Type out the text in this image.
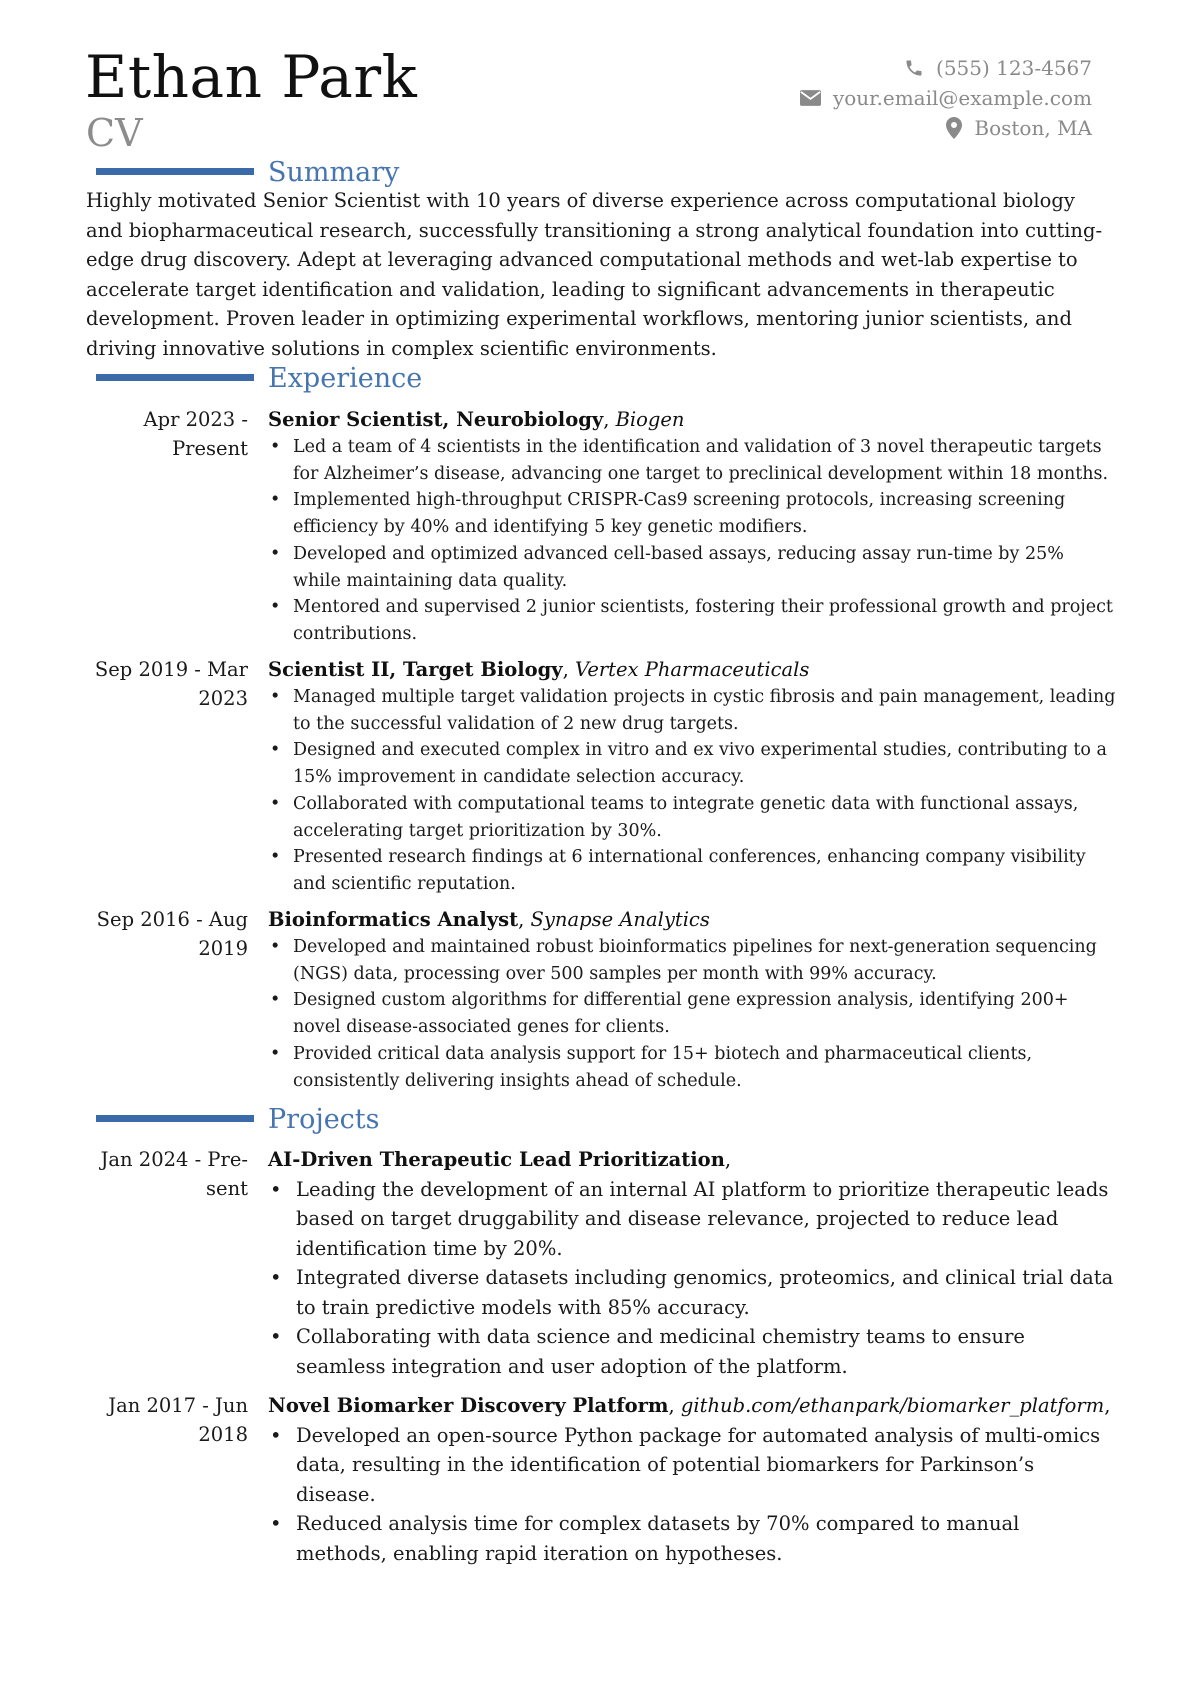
Ethan Park
CV
(555) 123-4567
your.email@example.com
Boston, MA
Summary

Highly motivated Senior Scientist with 10 years of diverse experience across computational biology and biopharmaceutical research, successfully transitioning a strong analytical foundation into cutting-edge drug discovery. Adept at leveraging advanced computational methods and wet-lab expertise to accelerate target identification and validation, leading to significant advancements in therapeutic development. Proven leader in optimizing experimental workflows, mentoring junior scientists, and driving innovative solutions in complex scientific environments.

Experience
Apr 2023 -
Present
Senior Scientist, Neurobiology, Biogen
• Led a team of 4 scientists in the identification and validation of 3 novel therapeutic targets for Alzheimer’s disease, advancing one target to preclinical development within 18 months.
• Implemented high-throughput CRISPR-Cas9 screening protocols, increasing screening efficiency by 40% and identifying 5 key genetic modifiers.
• Developed and optimized advanced cell-based assays, reducing assay run-time by 25% while maintaining data quality.
• Mentored and supervised 2 junior scientists, fostering their professional growth and project contributions.
Sep 2019 - Mar
2023
Scientist II, Target Biology, Vertex Pharmaceuticals
• Managed multiple target validation projects in cystic fibrosis and pain management, leading to the successful validation of 2 new drug targets.
• Designed and executed complex in vitro and ex vivo experimental studies, contributing to a 15% improvement in candidate selection accuracy.
• Collaborated with computational teams to integrate genetic data with functional assays, accelerating target prioritization by 30%.
• Presented research findings at 6 international conferences, enhancing company visibility and scientific reputation.
Sep 2016 - Aug
2019
Bioinformatics Analyst, Synapse Analytics
• Developed and maintained robust bioinformatics pipelines for next-generation sequencing (NGS) data, processing over 500 samples per month with 99% accuracy.
• Designed custom algorithms for differential gene expression analysis, identifying 200+ novel disease-associated genes for clients.
• Provided critical data analysis support for 15+ biotech and pharmaceutical clients, consistently delivering insights ahead of schedule.
Projects
Jan 2024 - Pre-
sent
AI-Driven Therapeutic Lead Prioritization,
• Leading the development of an internal AI platform to prioritize therapeutic leads based on target druggability and disease relevance, projected to reduce lead identification time by 20%.
• Integrated diverse datasets including genomics, proteomics, and clinical trial data to train predictive models with 85% accuracy.
• Collaborating with data science and medicinal chemistry teams to ensure seamless integration and user adoption of the platform.
Jan 2017 - Jun
2018
Novel Biomarker Discovery Platform, github.com/ethanpark/biomarker_platform,
• Developed an open-source Python package for automated analysis of multi-omics data, resulting in the identification of potential biomarkers for Parkinson’s disease.
• Reduced analysis time for complex datasets by 70% compared to manual methods, enabling rapid iteration on hypotheses.
